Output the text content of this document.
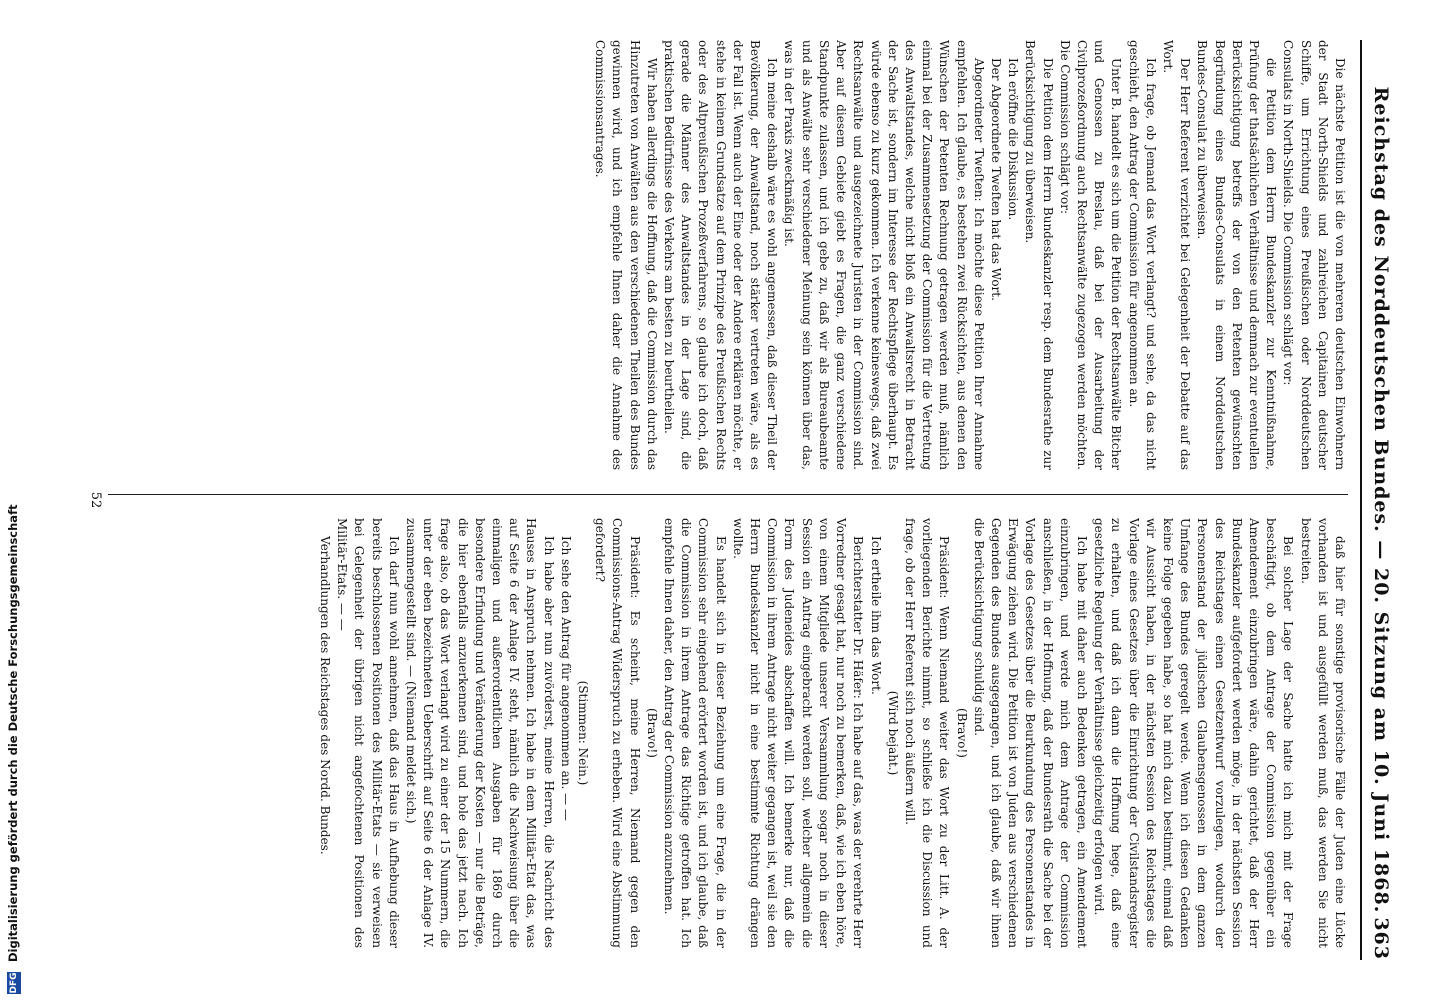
DFG Digitalisierung gefördert durch die Deutsche Forschungsgemeinschaft	Reichstag des Norddeutschen Bundes. — 20. Sitzung am 10. Juni 1868.
363

Die nächste Petition ist die von mehreren deutschen Einwohnern der Stadt North-Shields und zahlreichen Capitainen deutscher Schiffe, um Errichtung eines Preußischen oder Norddeutschen Consulats in North-Shields. Die Commission schlägt vor:

die Petition dem Herrn Bundeskanzler zur Kenntnißnahme, Prüfung der thatsächlichen Verhältnisse und demnach zur eventuellen Berücksichtigung betreffs der von den Petenten gewünschten Begründung eines Bundes-Consulats in einem Norddeutschen Bundes-Consulat zu überweisen.

Der Herr Referent verzichtet bei Gelegenheit der Debatte auf das Wort.

Ich frage, ob Jemand das Wort verlangt? und sehe, da das nicht geschieht, den Antrag der Commission für angenommen an.

Unter B. handelt es sich um die Petition der Rechtsanwälte Bitcher und Genossen zu Breslau, daß bei der Ausarbeitung der Civilprozeßordnung auch Rechtsanwälte zugezogen werden möchten. Die Commission schlägt vor:

Die Petition dem Herrn Bundeskanzler resp. dem Bundesrathe zur Berücksichtigung zu überweisen.

Ich eröffne die Diskussion.

Der Abgeordnete Tweſten hat das Wort.

Abgeordneter Tweſten: Ich möchte diese Petition Ihrer Annahme empfehlen. Ich glaube, es bestehen zwei Rücksichten, aus denen den Wünschen der Petenten Rechnung getragen werden muß, nämlich einmal bei der Zusammensetzung der Commission für die Vertretung des Anwaltstandes, welche nicht bloß ein Anwaltsrecht in Betracht der Sache ist, sondern im Interesse der Rechtspflege überhaupt. Es würde ebenso zu kurz gekommen. Ich verkenne keineswegs, daß zwei Rechtsanwälte und ausgezeichnete Juristen in der Commission sind. Aber auf diesem Gebiete giebt es Fragen, die ganz verschiedene Standpunkte zulassen, und ich gebe zu, daß wir als Bureaubeamte und als Anwälte sehr verschiedener Meinung sein können über das, was in der Praxis zweckmäßig ist.

Ich meine deshalb wäre es wohl angemessen, daß dieser Theil der Bevölkerung, der Anwaltstand, noch stärker vertreten wäre, als es der Fall ist. Wenn auch der Eine oder der Andere erklären möchte, er stehe in keinem Grundsatze auf dem Prinzipe des Preußischen Rechts oder des Altpreußischen Prozeßverfahrens, so glaube ich doch, daß gerade die Männer des Anwaltstandes in der Lage sind, die praktischen Bedürfnisse des Verkehrs am besten zu beurtheilen.

Wir haben allerdings die Hoffnung, daß die Commission durch das Hinzutreten von Anwälten aus den verschiedenen Theilen des Bundes gewinnen wird, und ich empfehle Ihnen daher die Annahme des Commissionsantrages.

daß hier für sonstige provisorische Fälle der Juden eine Lücke vorhanden ist und ausgefüllt werden muß, das werden Sie nicht bestreiten.

Bei solcher Lage der Sache hatte ich mich mit der Frage beschäftigt, ob dem Antrage der Commission gegenüber ein Amendement einzubringen wäre, dahin gerichtet, daß der Herr Bundeskanzler aufgefordert werden möge, in der nächsten Session des Reichstages einen Gesetzentwurf vorzulegen, wodurch der Personenstand der jüdischen Glaubensgenossen in dem ganzen Umfange des Bundes geregelt werde. Wenn ich diesen Gedanken keine Folge gegeben habe, so hat mich dazu bestimmt, einmal daß wir Aussicht haben, in der nächsten Session des Reichstages die Vorlage eines Gesetzes über die Einrichtung der Civilstandsregister zu erhalten, und daß ich dann die Hoffnung hege, daß eine gesetzliche Regelung der Verhältnisse gleichzeitig erfolgen wird.

Ich habe mit daher auch Bedenken getragen, ein Amendement einzubringen, und werde mich dem Antrage der Commission anschließen, in der Hoffnung, daß der Bundesrath die Sache bei der Vorlage des Gesetzes über die Beurkundung des Personenstandes in Erwägung ziehen wird. Die Petition ist von Juden aus verschiedenen Gegenden des Bundes ausgegangen, und ich glaube, daß wir ihnen die Berücksichtigung schuldig sind.

(Bravo!)

Präsident: Wenn Niemand weiter das Wort zu der Litt. A. der vorliegenden Berichte nimmt, so schließe ich die Discussion und frage, ob der Herr Referent sich noch äußern will.

(Wird bejaht.)

Ich ertheile ihm das Wort.

Berichterstatter Dr. Häfer: Ich habe auf das, was der verehrte Herr Vorredner gesagt hat, nur noch zu bemerken, daß, wie ich eben höre, von einem Mitgliede unserer Versammlung sogar noch in dieser Session ein Antrag eingebracht werden soll, welcher allgemein die Form des Judeneides abschaffen will. Ich bemerke nur, daß die Commission in ihrem Antrage nicht weiter gegangen ist, weil sie den Herrn Bundeskanzler nicht in eine bestimmte Richtung drängen wollte.

Es handelt sich in dieser Beziehung um eine Frage, die in der Commission sehr eingehend erörtert worden ist, und ich glaube, daß die Commission in ihrem Antrage das Richtige getroffen hat. Ich empfehle Ihnen daher, den Antrag der Commission anzunehmen.

(Bravo!)

Präsident: Es scheint, meine Herren, Niemand gegen den Commissions-Antrag Widerspruch zu erheben. Wird eine Abstimmung gefordert?

(Stimmen: Nein.)

Ich sehe den Antrag für angenommen an. — —

Ich habe aber nun zuvörderst, meine Herren, die Nachricht des Hauses in Anspruch nehmen. Ich habe in dem Militär-Etat das, was auf Seite 6 der Anlage IV. steht, nämlich die Nachweisung über die einmaligen und außerordentlichen Ausgaben für 1869 durch besondere Erfindung und Veränderung der Kosten — nur die Beträge, die hier ebenfalls anzuerkennen sind, und hole das jetzt nach. Ich frage also, ob das Wort verlangt wird zu einer der 15 Nummern, die unter der eben bezeichneten Ueberschrift auf Seite 6 der Anlage IV. zusammengestellt sind. — (Niemand meldet sich.)

Ich darf nun wohl annehmen, daß das Haus in Aufhebung dieser bereits beschlossenen Positionen des Militär-Etats — sie verweisen bei Gelegenheit der übrigen nicht angefochtenen Positionen des Militär-Etats. — —

Verhandlungen des Reichstages des Nordd. Bundes.

52
